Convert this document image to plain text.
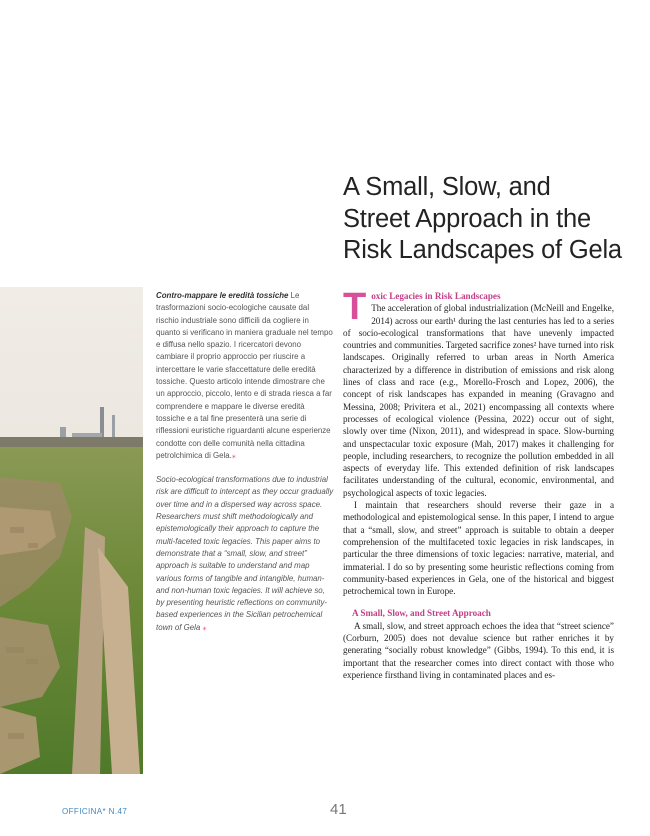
A Small, Slow, and
Street Approach in the
Risk Landscapes of Gela

Contro-mappare le eredità tossiche Le trasformazioni socio-ecologiche causate dal rischio industriale sono difficili da cogliere in quanto si verificano in maniera graduale nel tempo e diffusa nello spazio. I ricercatori devono cambiare il proprio approccio per riuscire a intercettare le varie sfaccettature delle eredità tossiche. Questo articolo intende dimostrare che un approccio, piccolo, lento e di strada riesca a far comprendere e mappare le diverse eredità tossiche e a tal fine presenterà una serie di riflessioni euristiche riguardanti alcune esperienze condotte con delle comunità nella cittadina petrolchimica di Gela.⁎

Socio-ecological transformations due to industrial risk are difficult to intercept as they occur gradually over time and in a dispersed way across space. Researchers must shift methodologically and epistemologically their approach to capture the multi-faceted toxic legacies. This paper aims to demonstrate that a “small, slow, and street” approach is suitable to understand and map various forms of tangible and intangible, human- and non-human toxic legacies. It will achieve so, by presenting heuristic reflections on community-based experiences in the Sicilian petrochemical town of Gela ⁎

T oxic Legacies in Risk Landscapes
The acceleration of global industrialization (McNeill and Engelke, 2014) across our earth¹ during the last centuries has led to a series of socio-ecological transformations that have unevenly impacted countries and communities. Targeted sacrifice zones² have turned into risk landscapes. Originally referred to urban areas in North America characterized by a difference in distribution of emissions and risk along lines of class and race (e.g., Morello-Frosch and Lopez, 2006), the concept of risk landscapes has expanded in meaning (Gravagno and Messina, 2008; Privitera et al., 2021) encompassing all contexts where processes of ecological violence (Pessina, 2022) occur out of sight, slowly over time (Nixon, 2011), and widespread in space. Slow-burning and unspectacular toxic exposure (Mah, 2017) makes it challenging for people, including researchers, to recognize the pollution embedded in all aspects of everyday life. This extended definition of risk landscapes facilitates understanding of the cultural, economic, environmental, and psychological aspects of toxic legacies.

I maintain that researchers should reverse their gaze in a methodological and epistemological sense. In this paper, I intend to argue that a “small, slow, and street” approach is suitable to obtain a deeper comprehension of the multifaceted toxic legacies in risk landscapes, in particular the three dimensions of toxic legacies: narrative, material, and immaterial. I do so by presenting some heuristic reflections coming from community-based experiences in Gela, one of the historical and biggest petrochemical town in Europe.

A Small, Slow, and Street Approach

A small, slow, and street approach echoes the idea that “street science” (Corburn, 2005) does not devalue science but rather enriches it by generating “socially robust knowledge” (Gibbs, 1994). To this end, it is important that the researcher comes into direct contact with those who experience firsthand living in contaminated places and es-

OFFICINA* N.47	41
